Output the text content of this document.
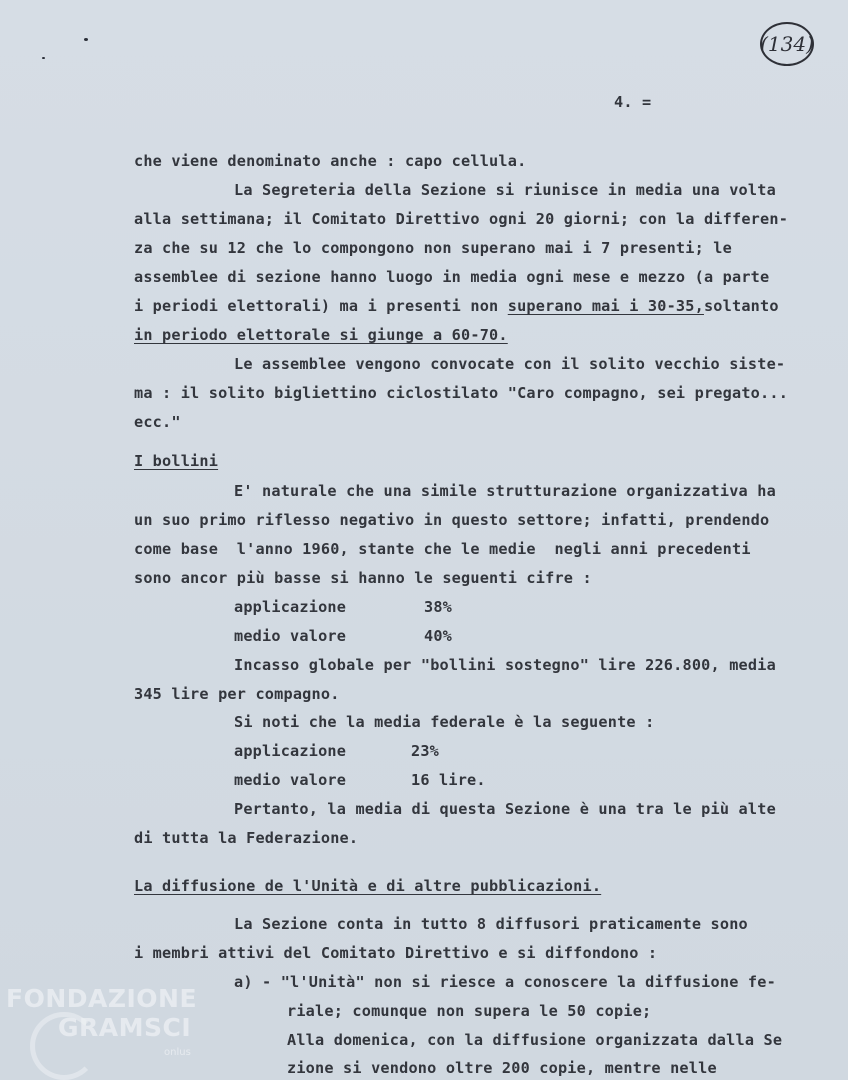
(134)
4. =
che viene denominato anche : capo cellula.
La Segreteria della Sezione si riunisce in media una volta
alla settimana; il Comitato Direttivo ogni 20 giorni; con la differen-
za che su 12 che lo compongono non superano mai i 7 presenti; le
assemblee di sezione hanno luogo in media ogni mese e mezzo (a parte
i periodi elettorali) ma i presenti non superano mai i 30-35,soltanto
in periodo elettorale si giunge a 60-70.
Le assemblee vengono convocate con il solito vecchio siste-
ma : il solito bigliettino ciclostilato "Caro compagno, sei pregato...
ecc."
I bollini
E' naturale che una simile strutturazione organizzativa ha
un suo primo riflesso negativo in questo settore; infatti, prendendo
come base  l'anno 1960, stante che le medie  negli anni precedenti
sono ancor più basse si hanno le seguenti cifre :
applicazione	38%
medio valore	40%
Incasso globale per "bollini sostegno" lire 226.800, media
345 lire per compagno.
Si noti che la media federale è la seguente :
applicazione	23%
medio valore	16 lire.
Pertanto, la media di questa Sezione è una tra le più alte
di tutta la Federazione.
La diffusione de l'Unità e di altre pubblicazioni.
La Sezione conta in tutto 8 diffusori praticamente sono
i membri attivi del Comitato Direttivo e si diffondono :
a) - "l'Unità" non si riesce a conoscere la diffusione fe-
riale; comunque non supera le 50 copie;
Alla domenica, con la diffusione organizzata dalla Se
zione si vendono oltre 200 copie, mentre nelle
FONDAZIONE
GRAMSCI
onlus
